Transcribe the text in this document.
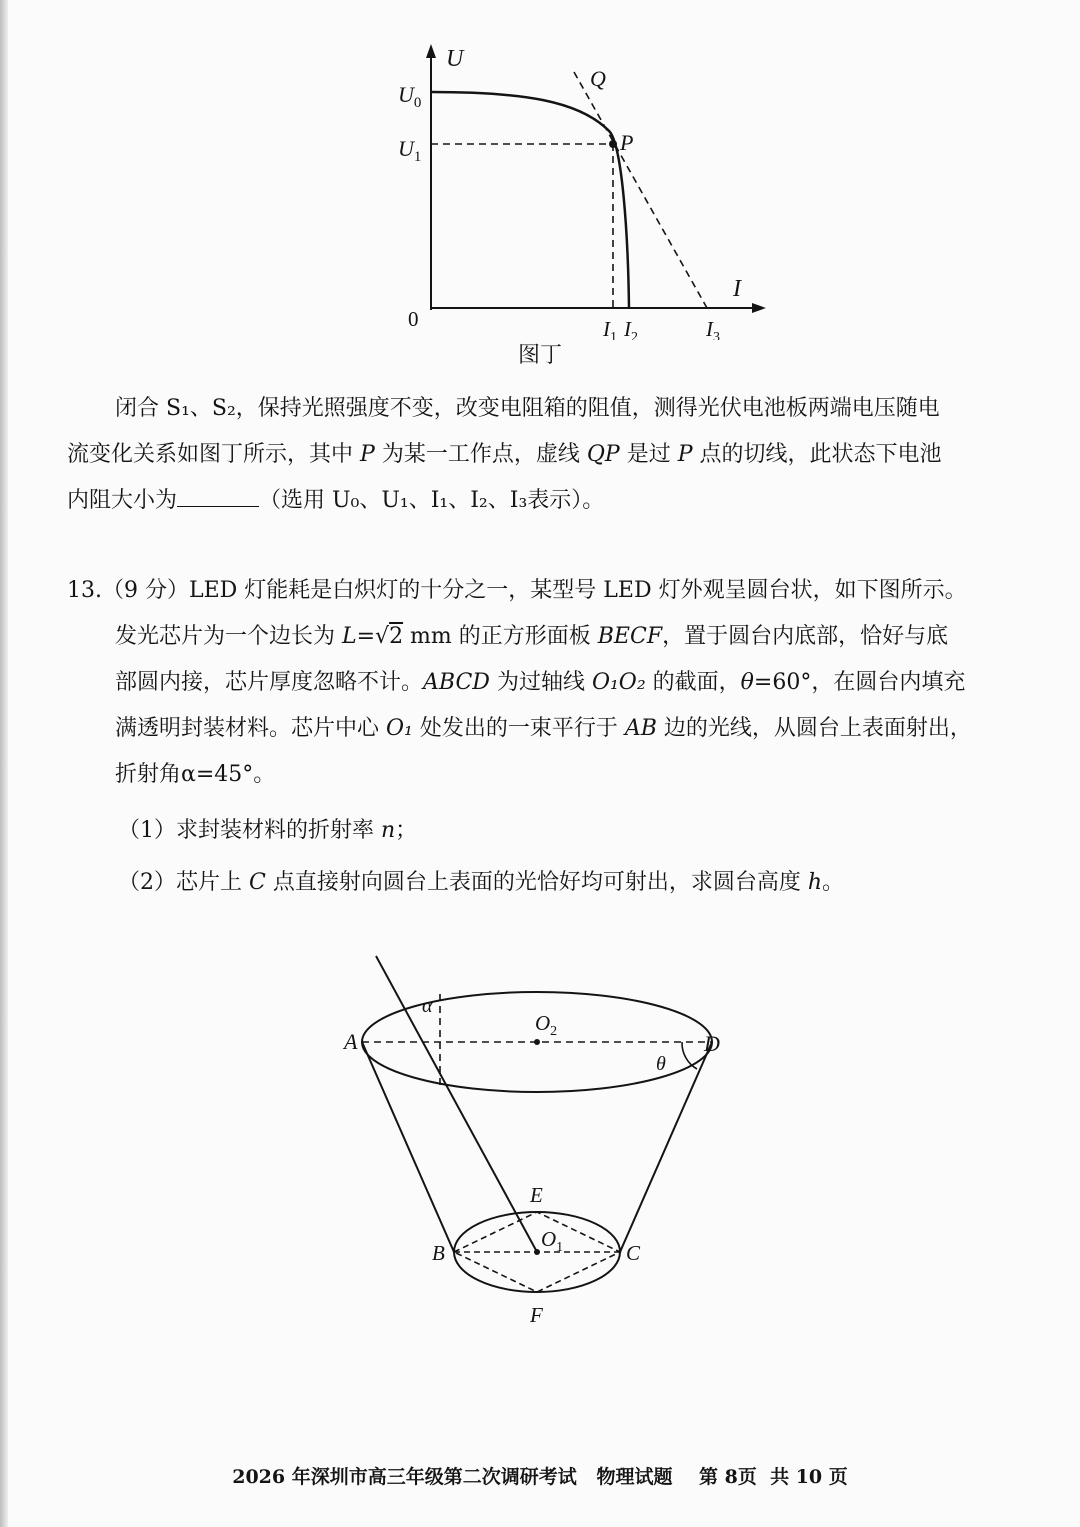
U
$U_0$
$U_1$
Q
P
0
I
$I_1$ $I_2$	$I_3$
图丁
闭合 S₁、S₂，保持光照强度不变，改变电阻箱的阻值，测得光伏电池板两端电压随电
流变化关系如图丁所示，其中 P 为某一工作点，虚线 QP 是过 P 点的切线，此状态下电池
内阻大小为	（选用 U₀、U₁、I₁、I₂、I₃表示）。
13.（9 分）LED 灯能耗是白炽灯的十分之一，某型号 LED 灯外观呈圆台状，如下图所示。
发光芯片为一个边长为 L=√2 mm 的正方形面板 BECF，置于圆台内底部，恰好与底
部圆内接，芯片厚度忽略不计。ABCD 为过轴线 O₁O₂ 的截面，θ=60°，在圆台内填充
满透明封装材料。芯片中心 O₁ 处发出的一束平行于 AB 边的光线，从圆台上表面射出，
折射角α=45°。
（1）求封装材料的折射率 n；
（2）芯片上 C 点直接射向圆台上表面的光恰好均可射出，求圆台高度 h。
A	D
$O_2$
α
θ
E
$O_1$
B	C
F
2026 年深圳市高三年级第二次调研考试   物理试题    第 8页  共 10 页
